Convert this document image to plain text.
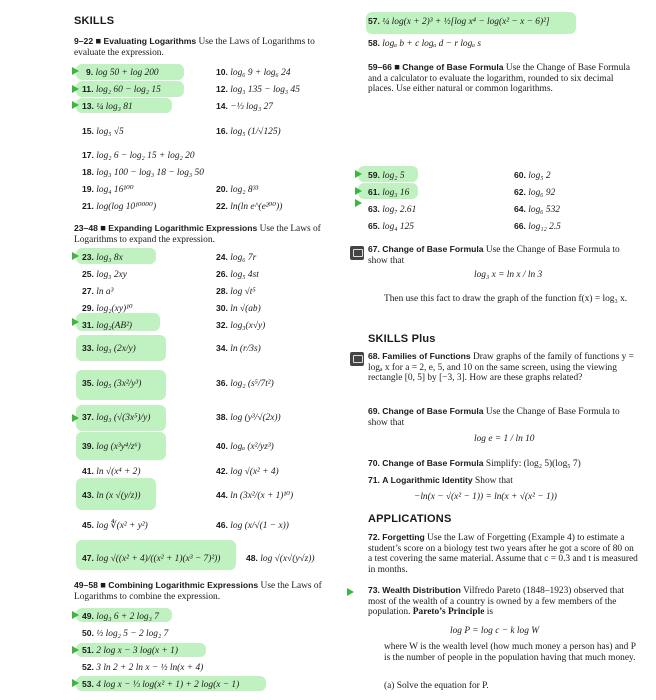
SKILLS
9–22 ■ Evaluating Logarithms Use the Laws of Logarithms to evaluate the expression.
9. log 50 + log 200	10. log₆ 9 + log₆ 24
11. log₂ 60 − log₂ 15	12. log₃ 135 − log₃ 45
13. ¼ log₃ 81	14. −⅓ log₃ 27
15. log₅ √5	16. log₅ (1/√125)
17. log₂ 6 − log₂ 15 + log₂ 20
18. log₃ 100 − log₃ 18 − log₃ 50
19. log₄ 16¹⁰⁰	20. log₂ 8³³
21. log(log 10¹⁰⁰⁰⁰)	22. ln(ln e^(e²⁰⁰))
23–48 ■ Expanding Logarithmic Expressions Use the Laws of Logarithms to expand the expression.
23. log₃ 8x	24. log₆ 7r
25. log₃ 2xy	26. log₅ 4st
27. ln a³	28. log √t⁵
29. log₂(xy)¹⁰	30. ln √(ab)
31. log₂(AB²)	32. log₃(x√y)
33. log₃ (2x/y)	34. ln (r/3s)
35. log₅ (3x²/y³)	36. log₂ (s⁵/7t²)
37. log₃ (√(3x⁵)/y)	38. log (y³/√(2x))
39. log (x³y⁴/z⁶)	40. logₐ (x²/yz³)
41. ln √(x⁴ + 2)	42. log √(x² + 4)
43. ln (x √(y/z))	44. ln (3x²/(x + 1)¹⁰)
45. log ∜(x² + y²)	46. log (x/√(1 − x))
47. log √((x² + 4)/((x² + 1)(x³ − 7)²))	48. log √(x√(y√z))
49–58 ■ Combining Logarithmic Expressions Use the Laws of Logarithms to combine the expression.
49. log₃ 6 + 2 log₃ 7
50. ½ log₂ 5 − 2 log₂ 7
51. 2 log x − 3 log(x + 1)
52. 3 ln 2 + 2 ln x − ½ ln(x + 4)
53. 4 log x − ⅓ log(x² + 1) + 2 log(x − 1)
57. ¼ log(x + 2)³ + ½[log x⁴ − log(x² − x − 6)²]
58. logₐ b + c logₐ d − r logₐ s
59–66 ■ Change of Base Formula Use the Change of Base Formula and a calculator to evaluate the logarithm, rounded to six decimal places. Use either natural or common logarithms.
59. log₂ 5	60. log₅ 2
61. log₃ 16	62. log₆ 92
63. log₇ 2.61	64. log₆ 532
65. log₄ 125	66. log₁₂ 2.5
67. Change of Base Formula Use the Change of Base Formula to show that
log₃ x = ln x / ln 3
Then use this fact to draw the graph of the function f(x) = log₃ x.
SKILLS Plus
68. Families of Functions Draw graphs of the family of functions y = logₐ x for a = 2, e, 5, and 10 on the same screen, using the viewing rectangle [0, 5] by [−3, 3]. How are these graphs related?
69. Change of Base Formula Use the Change of Base Formula to show that
log e = 1 / ln 10
70. Change of Base Formula Simplify: (log₂ 5)(log₅ 7)
71. A Logarithmic Identity Show that
−ln(x − √(x² − 1)) = ln(x + √(x² − 1))
APPLICATIONS
72. Forgetting Use the Law of Forgetting (Example 4) to estimate a student’s score on a biology test two years after he got a score of 80 on a test covering the same material. Assume that c = 0.3 and t is measured in months.
73. Wealth Distribution Vilfredo Pareto (1848–1923) observed that most of the wealth of a country is owned by a few members of the population. Pareto’s Principle is
log P = log c − k log W
where W is the wealth level (how much money a person has) and P is the number of people in the population having that much money.
(a) Solve the equation for P.
